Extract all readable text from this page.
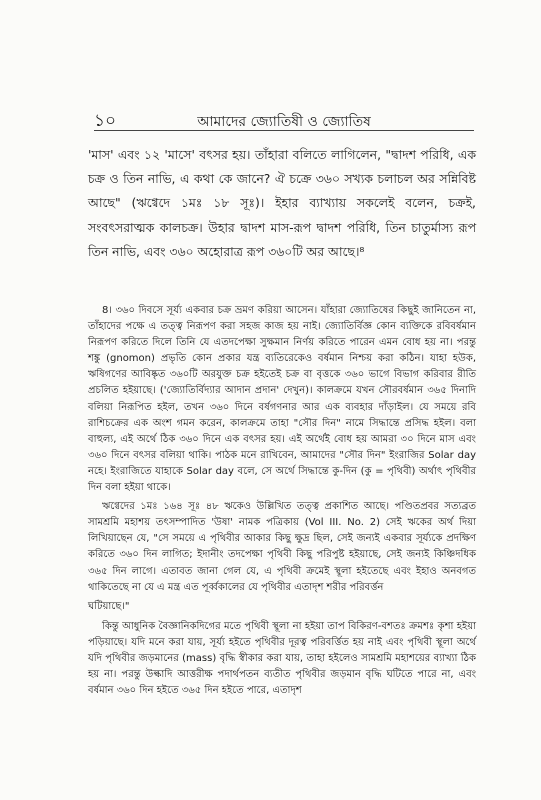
১০	আমাদের জ্যোতিষী ও জ্যোতিষ

'মাস' এবং ১২ 'মাসে' বৎসর হয়। তাঁহারা বলিতে লাগিলেন, "দ্বাদশ পরিধি, এক চক্র ও তিন নাভি, এ কথা কে জানে? ঐ চক্রে ৩৬০ সখ্যক চলাচল অর সন্নিবিষ্ট আছে" (ঋগ্বেদে ১মঃ ১৮ সূঃ)। ইহার ব্যাখ্যায় সকলেই বলেন, চক্রই, সংবৎসরাত্মক কালচক্র। উহার দ্বাদশ মাস-রূপ দ্বাদশ পরিধি, তিন চাতুর্মাস্য রূপ তিন নাভি, এবং ৩৬০ অহোরাত্র রূপ ৩৬০টি অর আছে।⁸

8। ৩৬০ দিবসে সূর্য্য একবার চক্র ভ্রমণ করিয়া আসেন। যাঁহারা জ্যোতিষের কিছুই জানিতেন না, তাঁহাদের পক্ষে এ তত্ত্ব নিরূপণ করা সহজ কাজ হয় নাই। জ্যোতির্বিজ্ঞ কোন ব্যক্তিকে রবিবর্ষমান নিরূপণ করিতে দিলে তিনি যে এতদপেক্ষা সুক্ষমান নির্ণয় করিতে পারেন এমন বোধ হয় না। পরন্তু শঙ্কু (gnomon) প্রভৃতি কোন প্রকার যন্ত্র ব্যতিরেকেও বর্ষমান নিশ্চয় করা কঠিন। যাহা হউক, ঋষিগণের আবিষ্কৃত ৩৬০টি অরযুক্ত চক্র হইতেই চক্র বা বৃত্তকে ৩৬০ ভাগে বিভাগ করিবার রীতি প্রচলিত হইয়াছে। ('জ্যোতির্বিদ্যার আদান প্রদান' দেখুন)। কালক্রমে যখন সৌরবর্ষমান ৩৬৫ দিনাদি বলিয়া নিরূপিত হইল, তখন ৩৬০ দিনে বর্ষগণনার আর এক ব্যবহার দাঁড়াইল। যে সময়ে রবি রাশিচক্রের এক অংশ গমন করেন, কালক্রমে তাহা "সৌর দিন" নামে সিদ্ধান্তে প্রসিদ্ধ হইল। বলা বাহুল্য, এই অর্থে ঠিক ৩৬০ দিনে এক বৎসর হয়। এই অর্থেই বোধ হয় আমরা ৩০ দিনে মাস এবং ৩৬০ দিনে বৎসর বলিয়া থাকি। পাঠক মনে রাখিবেন, আমাদের "সৌর দিন" ইংরাজির Solar day নহে। ইংরাজিতে যাহাকে Solar day বলে, সে অর্থে সিদ্ধান্তে কু-দিন (কু = পৃথিবী) অর্থাৎ পৃথিবীর দিন বলা হইয়া থাকে।

ঋগ্বেদের ১মঃ ১৬৪ সূঃ ৪৮ ঋকেও উল্লিখিত তত্ত্ব প্রকাশিত আছে। পণ্ডিতপ্রবর সত্যব্রত সামশ্রমি মহাশয় তৎসম্পাদিত 'উষা' নামক পত্রিকায় (Vol III. No. 2) সেই ঋকের অর্থ দিয়া লিখিয়াছেন যে, "সে সময়ে এ পৃথিবীর আকার কিছু ক্ষুদ্র ছিল, সেই জন্যই একবার সূর্য্যকে প্রদক্ষিণ করিতে ৩৬০ দিন লাগিত; ইদানীং তদপেক্ষা পৃথিবী কিছু পরিপুষ্ট হইয়াছে, সেই জন্যই কিঞ্চিদধিক ৩৬৫ দিন লাগে। এতাবত জানা গেল যে, এ পৃথিবী ক্রমেই স্থূলা হইতেছে এবং ইহাও অনবগত থাকিতেছে না যে এ মন্ত্র এত পূর্ব্বকালের যে পৃথিবীর এতাদৃশ শরীর পরিবর্ত্তন

ঘটিয়াছে।"

কিন্তু আধুনিক বৈজ্ঞানিকদিগের মতে পৃথিবী স্থূলা না হইয়া তাপ বিকিরণ-বশতঃ ক্রমশঃ কৃশা হইয়া পড়িয়াছে। যদি মনে করা যায়, সূর্য্য হইতে পৃথিবীর দূরত্ব পরিবর্ত্তিত হয় নাই এবং পৃথিবী স্থূলা অর্থে যদি পৃথিবীর জড়মানের (mass) বৃদ্ধি স্বীকার করা যায়, তাহা হইলেও সামশ্রমি মহাশয়ের ব্যাখ্যা ঠিক হয় না। পরন্তু উল্কাদি আত্তরীক্ষ পদার্থপতন ব্যতীত পৃথিবীর জড়মান বৃদ্ধি ঘটিতে পারে না, এবং বর্ষমান ৩৬০ দিন হইতে ৩৬৫ দিন হইতে পারে, এতাদৃশ
